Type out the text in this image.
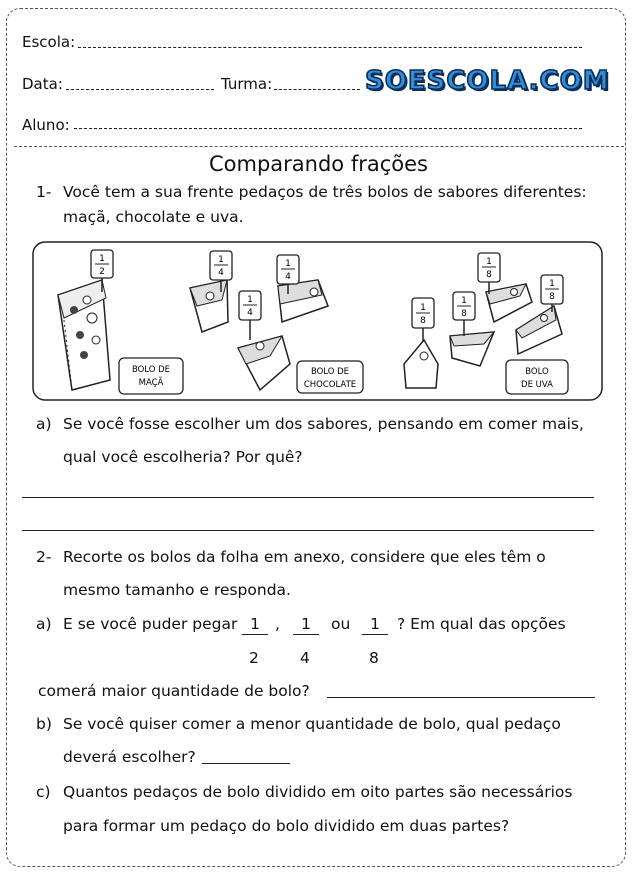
Escola:
Data:	Turma:	SOESCOLA.COM
Aluno:
Comparando frações
1- Você tem a sua frente pedaços de três bolos de sabores diferentes:
maçã, chocolate e uva.
1
2
BOLO DE
MAÇÃ
1
4
1
4
1
4
BOLO DE
CHOCOLATE
1
8
1
8
1
8
1
8
BOLO
DE UVA
a) Se você fosse escolher um dos sabores, pensando em comer mais,
qual você escolheria? Por quê?
2- Recorte os bolos da folha em anexo, considere que eles têm o
mesmo tamanho e responda.
a) E se você puder pegar 1 ,	1	ou	1	? Em qual das opções
2	4	8
comerá maior quantidade de bolo?
b) Se você quiser comer a menor quantidade de bolo, qual pedaço
deverá escolher?
c) Quantos pedaços de bolo dividido em oito partes são necessários
para formar um pedaço do bolo dividido em duas partes?
